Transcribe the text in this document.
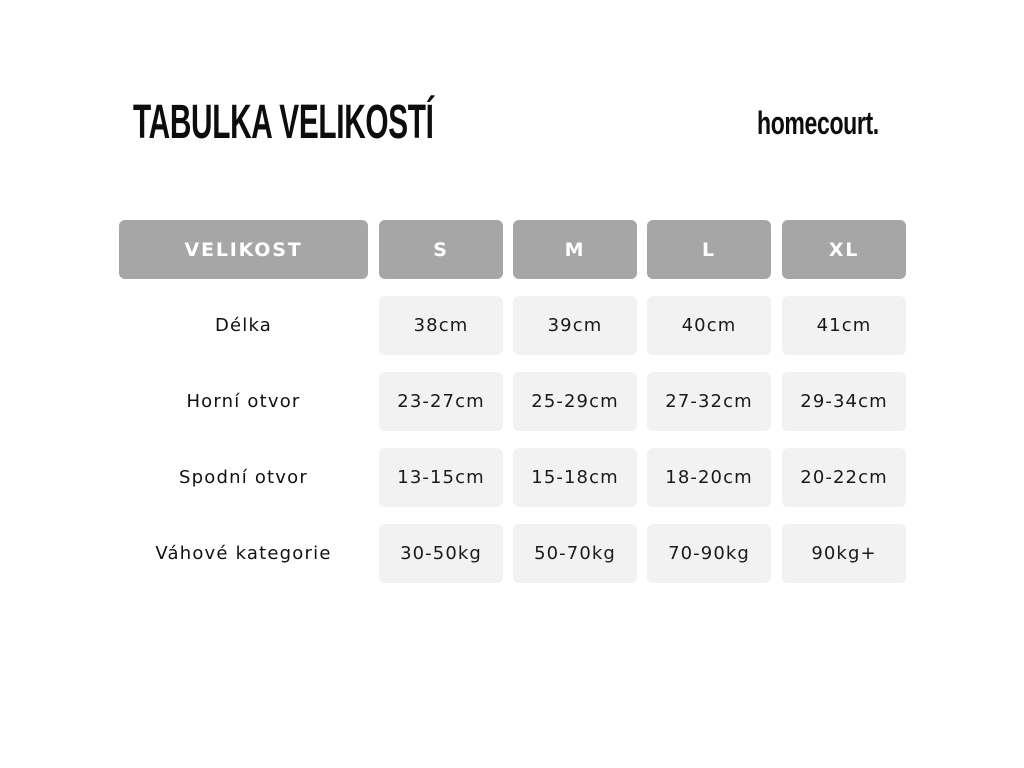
TABULKA VELIKOSTÍ	homecourt.
VELIKOST	S	M	L	XL
Délka	38cm	39cm	40cm	41cm
Horní otvor	23-27cm	25-29cm	27-32cm	29-34cm
Spodní otvor	13-15cm	15-18cm	18-20cm	20-22cm
Váhové kategorie	30-50kg	50-70kg	70-90kg	90kg+
